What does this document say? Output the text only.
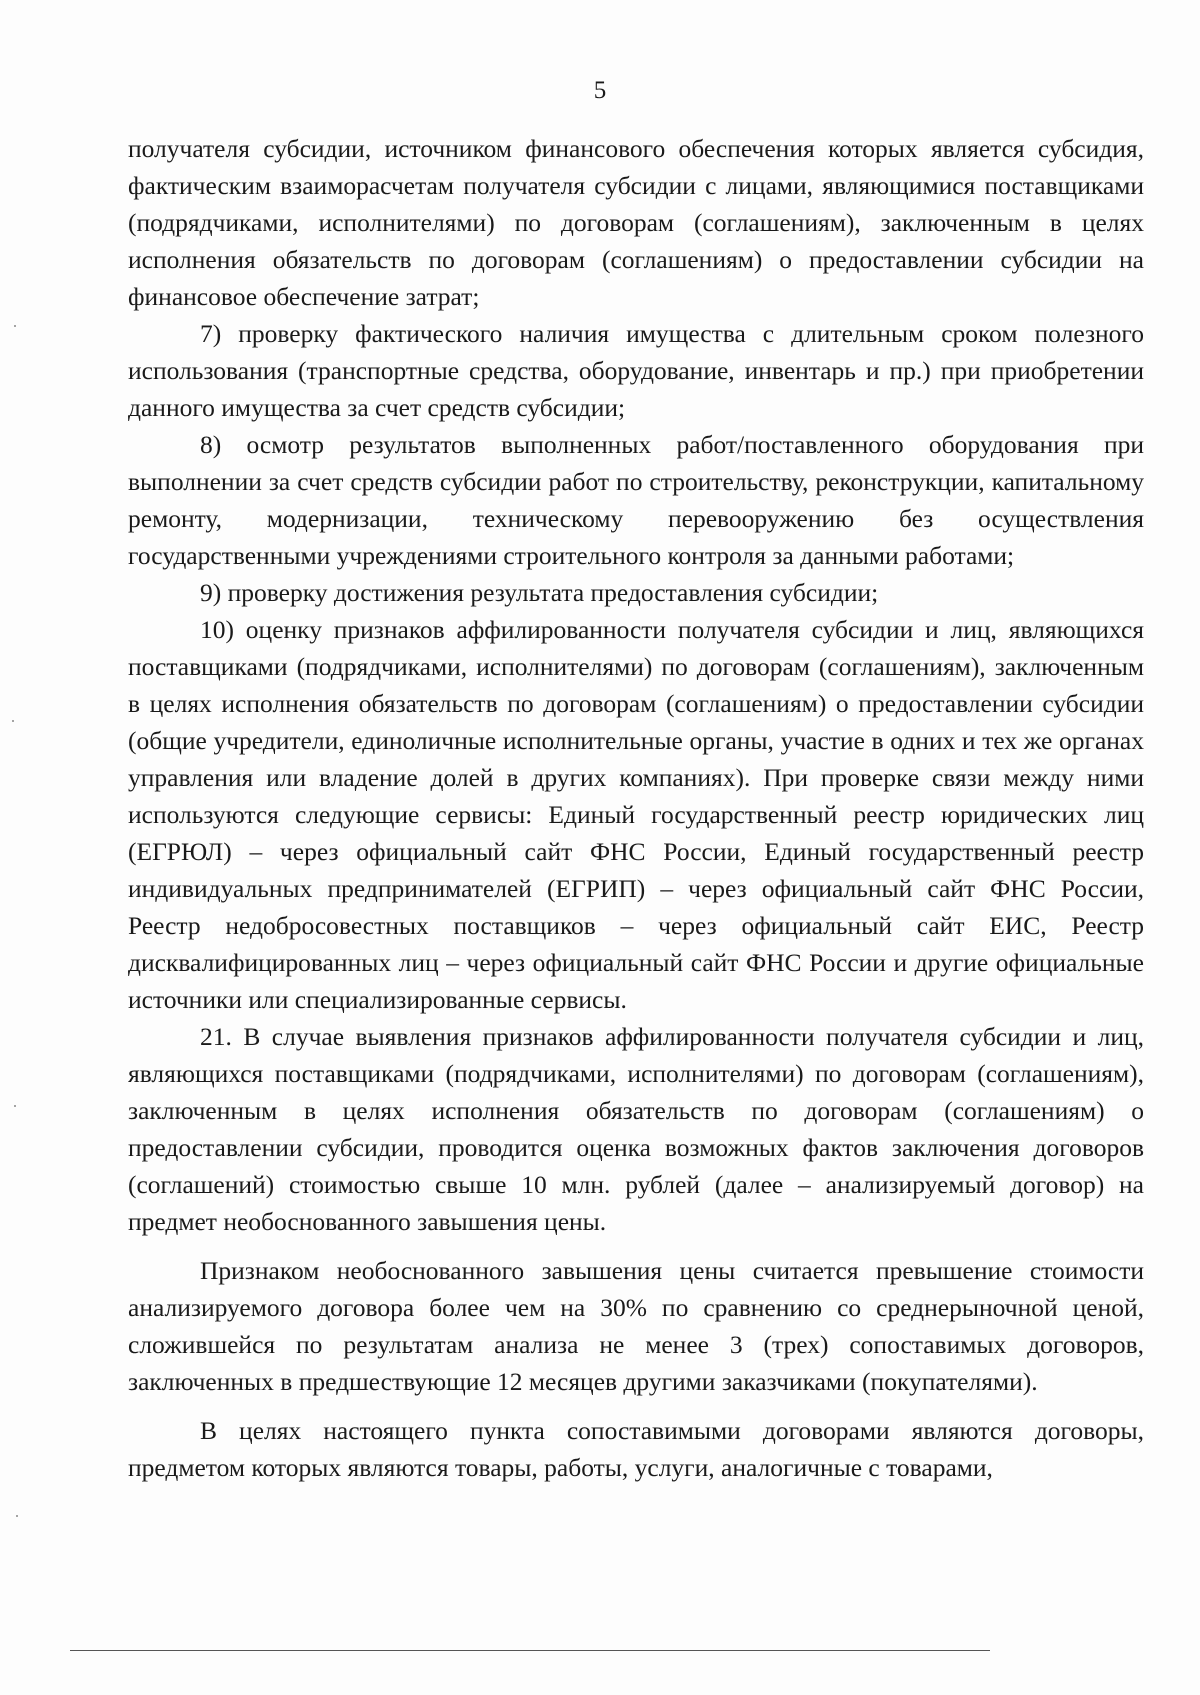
5

получателя субсидии, источником финансового обеспечения которых является субсидия, фактическим взаиморасчетам получателя субсидии с лицами, являющимися поставщиками (подрядчиками, исполнителями) по договорам (соглашениям), заключенным в целях исполнения обязательств по договорам (соглашениям) о предоставлении субсидии на финансовое обеспечение затрат;

7) проверку фактического наличия имущества с длительным сроком полезного использования (транспортные средства, оборудование, инвентарь и пр.) при приобретении данного имущества за счет средств субсидии;

8) осмотр результатов выполненных работ/поставленного оборудования при выполнении за счет средств субсидии работ по строительству, реконструкции, капитальному ремонту, модернизации, техническому перевооружению без осуществления государственными учреждениями строительного контроля за данными работами;

9) проверку достижения результата предоставления субсидии;

10) оценку признаков аффилированности получателя субсидии и лиц, являющихся поставщиками (подрядчиками, исполнителями) по договорам (соглашениям), заключенным в целях исполнения обязательств по договорам (соглашениям) о предоставлении субсидии (общие учредители, единоличные исполнительные органы, участие в одних и тех же органах управления или владение долей в других компаниях). При проверке связи между ними используются следующие сервисы: Единый государственный реестр юридических лиц (ЕГРЮЛ) – через официальный сайт ФНС России, Единый государственный реестр индивидуальных предпринимателей (ЕГРИП) – через официальный сайт ФНС России, Реестр недобросовестных поставщиков – через официальный сайт ЕИС, Реестр дисквалифицированных лиц – через официальный сайт ФНС России и другие официальные источники или специализированные сервисы.

21. В случае выявления признаков аффилированности получателя субсидии и лиц, являющихся поставщиками (подрядчиками, исполнителями) по договорам (соглашениям), заключенным в целях исполнения обязательств по договорам (соглашениям) о предоставлении субсидии, проводится оценка возможных фактов заключения договоров (соглашений) стоимостью свыше 10 млн. рублей (далее – анализируемый договор) на предмет необоснованного завышения цены.

Признаком необоснованного завышения цены считается превышение стоимости анализируемого договора более чем на 30% по сравнению со среднерыночной ценой, сложившейся по результатам анализа не менее 3 (трех) сопоставимых договоров, заключенных в предшествующие 12 месяцев другими заказчиками (покупателями).

В целях настоящего пункта сопоставимыми договорами являются договоры, предметом которых являются товары, работы, услуги, аналогичные с товарами,
